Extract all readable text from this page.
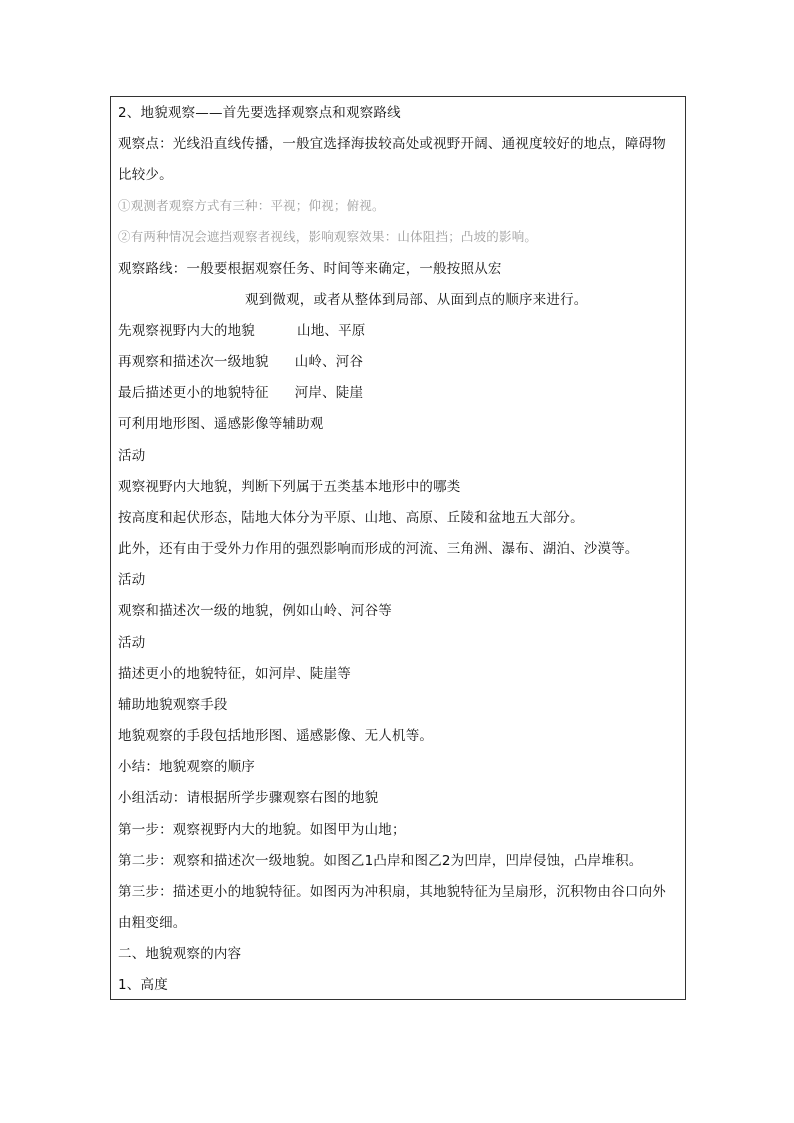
2、地貌观察——首先要选择观察点和观察路线
观察点：光线沿直线传播，一般宜选择海拔较高处或视野开阔、通视度较好的地点，障碍物
比较少。
①观测者观察方式有三种：平视；仰视；俯视。
②有两种情况会遮挡观察者视线，影响观察效果：山体阻挡；凸坡的影响。
观察路线：一般要根据观察任务、时间等来确定，一般按照从宏
观到微观，或者从整体到局部、从面到点的顺序来进行。
先观察视野内大的地貌	山地、平原
再观察和描述次一级地貌 山岭、河谷
最后描述更小的地貌特征 河岸、陡崖
可利用地形图、遥感影像等辅助观
活动
观察视野内大地貌，判断下列属于五类基本地形中的哪类
按高度和起伏形态，陆地大体分为平原、山地、高原、丘陵和盆地五大部分。
此外，还有由于受外力作用的强烈影响而形成的河流、三角洲、瀑布、湖泊、沙漠等。
活动
观察和描述次一级的地貌，例如山岭、河谷等
活动
描述更小的地貌特征，如河岸、陡崖等
辅助地貌观察手段
地貌观察的手段包括地形图、遥感影像、无人机等。
小结：地貌观察的顺序
小组活动：请根据所学步骤观察右图的地貌
第一步：观察视野内大的地貌。如图甲为山地；
第二步：观察和描述次一级地貌。如图乙1凸岸和图乙2为凹岸，凹岸侵蚀，凸岸堆积。
第三步：描述更小的地貌特征。如图丙为冲积扇，其地貌特征为呈扇形，沉积物由谷口向外
由粗变细。
二、地貌观察的内容
1、高度
